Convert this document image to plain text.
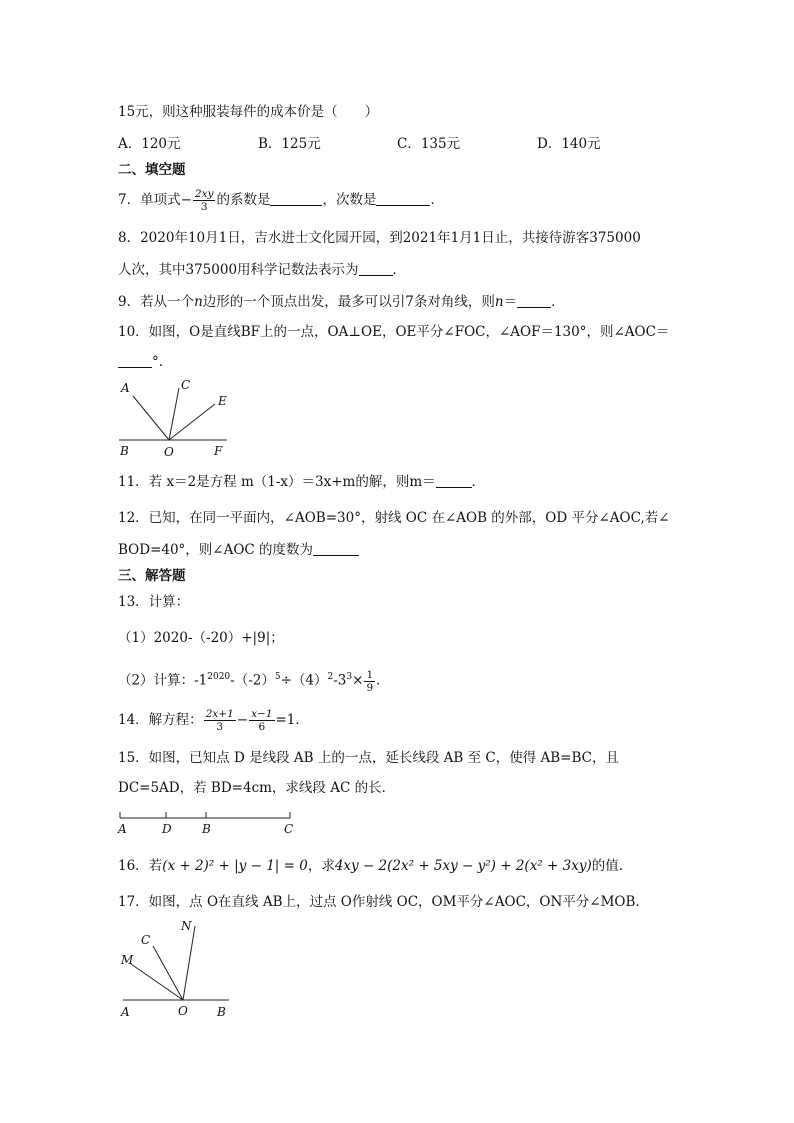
15元，则这种服装每件的成本价是（　　）
A．120元	B．125元	C．135元	D．140元
二、填空题
7．单项式− $\frac{2xy}{3}$ 的系数是	，次数是	．
8．2020年10月1日，吉水进士文化园开园，到2021年1月1日止，共接待游客375000
人次，其中375000用科学记数法表示为	．
9．若从一个n边形的一个顶点出发，最多可以引7条对角线，则n＝	．
10．如图，O是直线BF上的一点，OA⊥OE，OE平分∠FOC，∠AOF＝130°，则∠AOC＝
°．
A	C
E
B	O	F
11．若 x＝2是方程 m（1-x）＝3x+m的解，则m＝	．
12．已知，在同一平面内，∠AOB=30°，射线 OC 在∠AOB 的外部，OD 平分∠AOC,若∠
BOD=40°，则∠AOC 的度数为
三、解答题
13．计算：
（1）2020-（-20）+|9|；
（2）计算：$-1^{2020}-(-2)^5\div(4)^2-3^3\times \frac{1}{9}$ ．
14．解方程： $\frac{2x+1}{3} - \frac{x-1}{6} =1$．
15．如图，已知点 D 是线段 AB 上的一点，延长线段 AB 至 C，使得 AB=BC，且
DC=5AD，若 BD=4cm，求线段 AC 的长．
A	D	B	C
16．若(x + 2)² + |y − 1| = 0，求4xy − 2(2x² + 5xy − y²) + 2(x² + 3xy)的值．
17．如图，点 O在直线 AB上，过点 O作射线 OC，OM平分∠AOC，ON平分∠MOB．
N
C
M
A	O B
